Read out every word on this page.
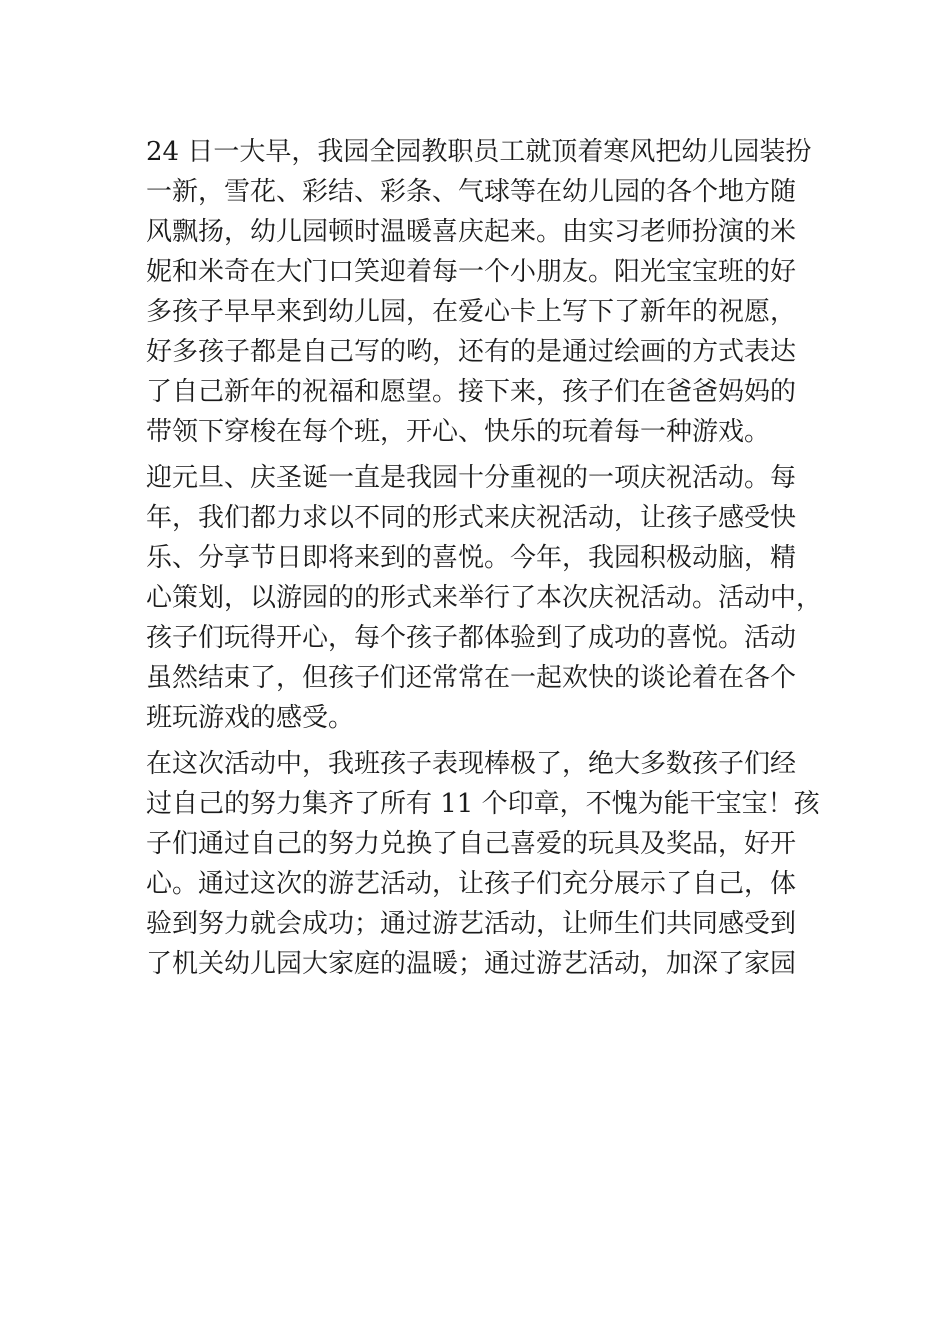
24 日一大早，我园全园教职员工就顶着寒风把幼儿园装扮
一新，雪花、彩结、彩条、气球等在幼儿园的各个地方随
风飘扬，幼儿园顿时温暖喜庆起来。由实习老师扮演的米
妮和米奇在大门口笑迎着每一个小朋友。阳光宝宝班的好
多孩子早早来到幼儿园，在爱心卡上写下了新年的祝愿，
好多孩子都是自己写的哟，还有的是通过绘画的方式表达
了自己新年的祝福和愿望。接下来，孩子们在爸爸妈妈的
带领下穿梭在每个班，开心、快乐的玩着每一种游戏。

迎元旦、庆圣诞一直是我园十分重视的一项庆祝活动。每
年，我们都力求以不同的形式来庆祝活动，让孩子感受快
乐、分享节日即将来到的喜悦。今年，我园积极动脑，精
心策划，以游园的的形式来举行了本次庆祝活动。活动中，
孩子们玩得开心，每个孩子都体验到了成功的喜悦。活动
虽然结束了，但孩子们还常常在一起欢快的谈论着在各个
班玩游戏的感受。

在这次活动中，我班孩子表现棒极了，绝大多数孩子们经
过自己的努力集齐了所有 11 个印章，不愧为能干宝宝！孩
子们通过自己的努力兑换了自己喜爱的玩具及奖品，好开
心。通过这次的游艺活动，让孩子们充分展示了自己，体
验到努力就会成功；通过游艺活动，让师生们共同感受到
了机关幼儿园大家庭的温暖；通过游艺活动，加深了家园
